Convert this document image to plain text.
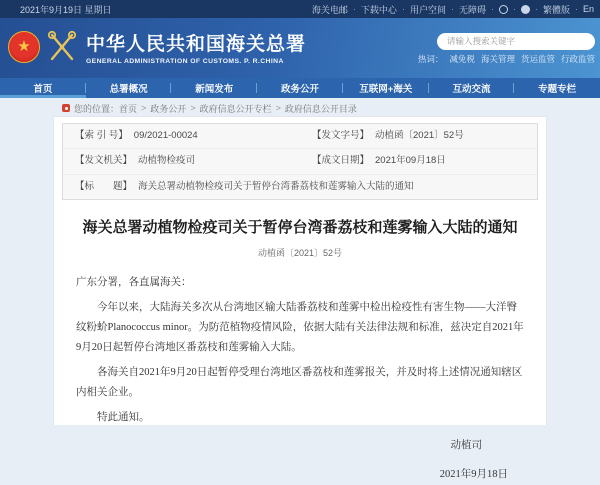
2021年9月19日 星期日	海关电邮 · 下载中心 · 用户空间 · 无障碍 · · · 繁體版 · En
★	中华人民共和国海关总署
GENERAL ADMINISTRATION OF CUSTOMS. P. R.CHINA
请输入搜索关键字	热词： 减免税 海关管理 货运监管 行政监管
首页	总署概况	新闻发布	政务公开	互联网+海关	互动交流	专题专栏
您的位置： 首页 > 政务公开 > 政府信息公开专栏 > 政府信息公开目录
【索 引 号】 09/2021-00024	【发文字号】 动植函〔2021〕52号
【发文机关】 动植物检疫司	【成文日期】 2021年09月18日
【标　　题】 海关总署动植物检疫司关于暂停台湾番荔枝和莲雾输入大陆的通知
海关总署动植物检疫司关于暂停台湾番荔枝和莲雾输入大陆的通知
动植函〔2021〕52号

广东分署，各直属海关：

今年以来，大陆海关多次从台湾地区输大陆番荔枝和莲雾中检出检疫性有害生物——大洋臀纹粉蚧Planococcus minor。为防范植物疫情风险，依据大陆有关法律法规和标准，兹决定自2021年9月20日起暂停台湾地区番荔枝和莲雾输入大陆。

各海关自2021年9月20日起暂停受理台湾地区番荔枝和莲雾报关，并及时将上述情况通知辖区内相关企业。

特此通知。

动植司
2021年9月18日
